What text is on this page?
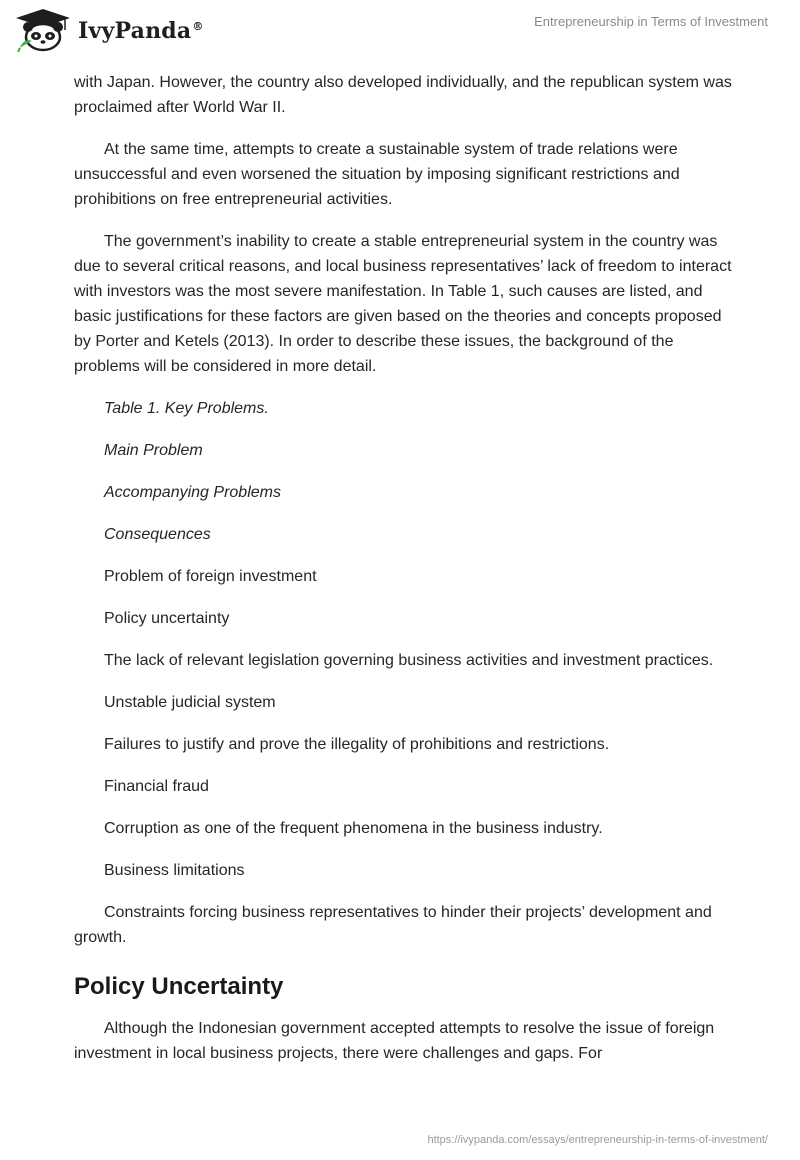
IvyPanda®	Entrepreneurship in Terms of Investment

with Japan. However, the country also developed individually, and the republican system was proclaimed after World War II.

At the same time, attempts to create a sustainable system of trade relations were unsuccessful and even worsened the situation by imposing significant restrictions and prohibitions on free entrepreneurial activities.

The government’s inability to create a stable entrepreneurial system in the country was due to several critical reasons, and local business representatives’ lack of freedom to interact with investors was the most severe manifestation. In Table 1, such causes are listed, and basic justifications for these factors are given based on the theories and concepts proposed by Porter and Ketels (2013). In order to describe these issues, the background of the problems will be considered in more detail.

Table 1. Key Problems.

Main Problem

Accompanying Problems

Consequences

Problem of foreign investment

Policy uncertainty

The lack of relevant legislation governing business activities and investment practices.

Unstable judicial system

Failures to justify and prove the illegality of prohibitions and restrictions.

Financial fraud

Corruption as one of the frequent phenomena in the business industry.

Business limitations

Constraints forcing business representatives to hinder their projects’ development and growth.

Policy Uncertainty

Although the Indonesian government accepted attempts to resolve the issue of foreign investment in local business projects, there were challenges and gaps. For

https://ivypanda.com/essays/entrepreneurship-in-terms-of-investment/
